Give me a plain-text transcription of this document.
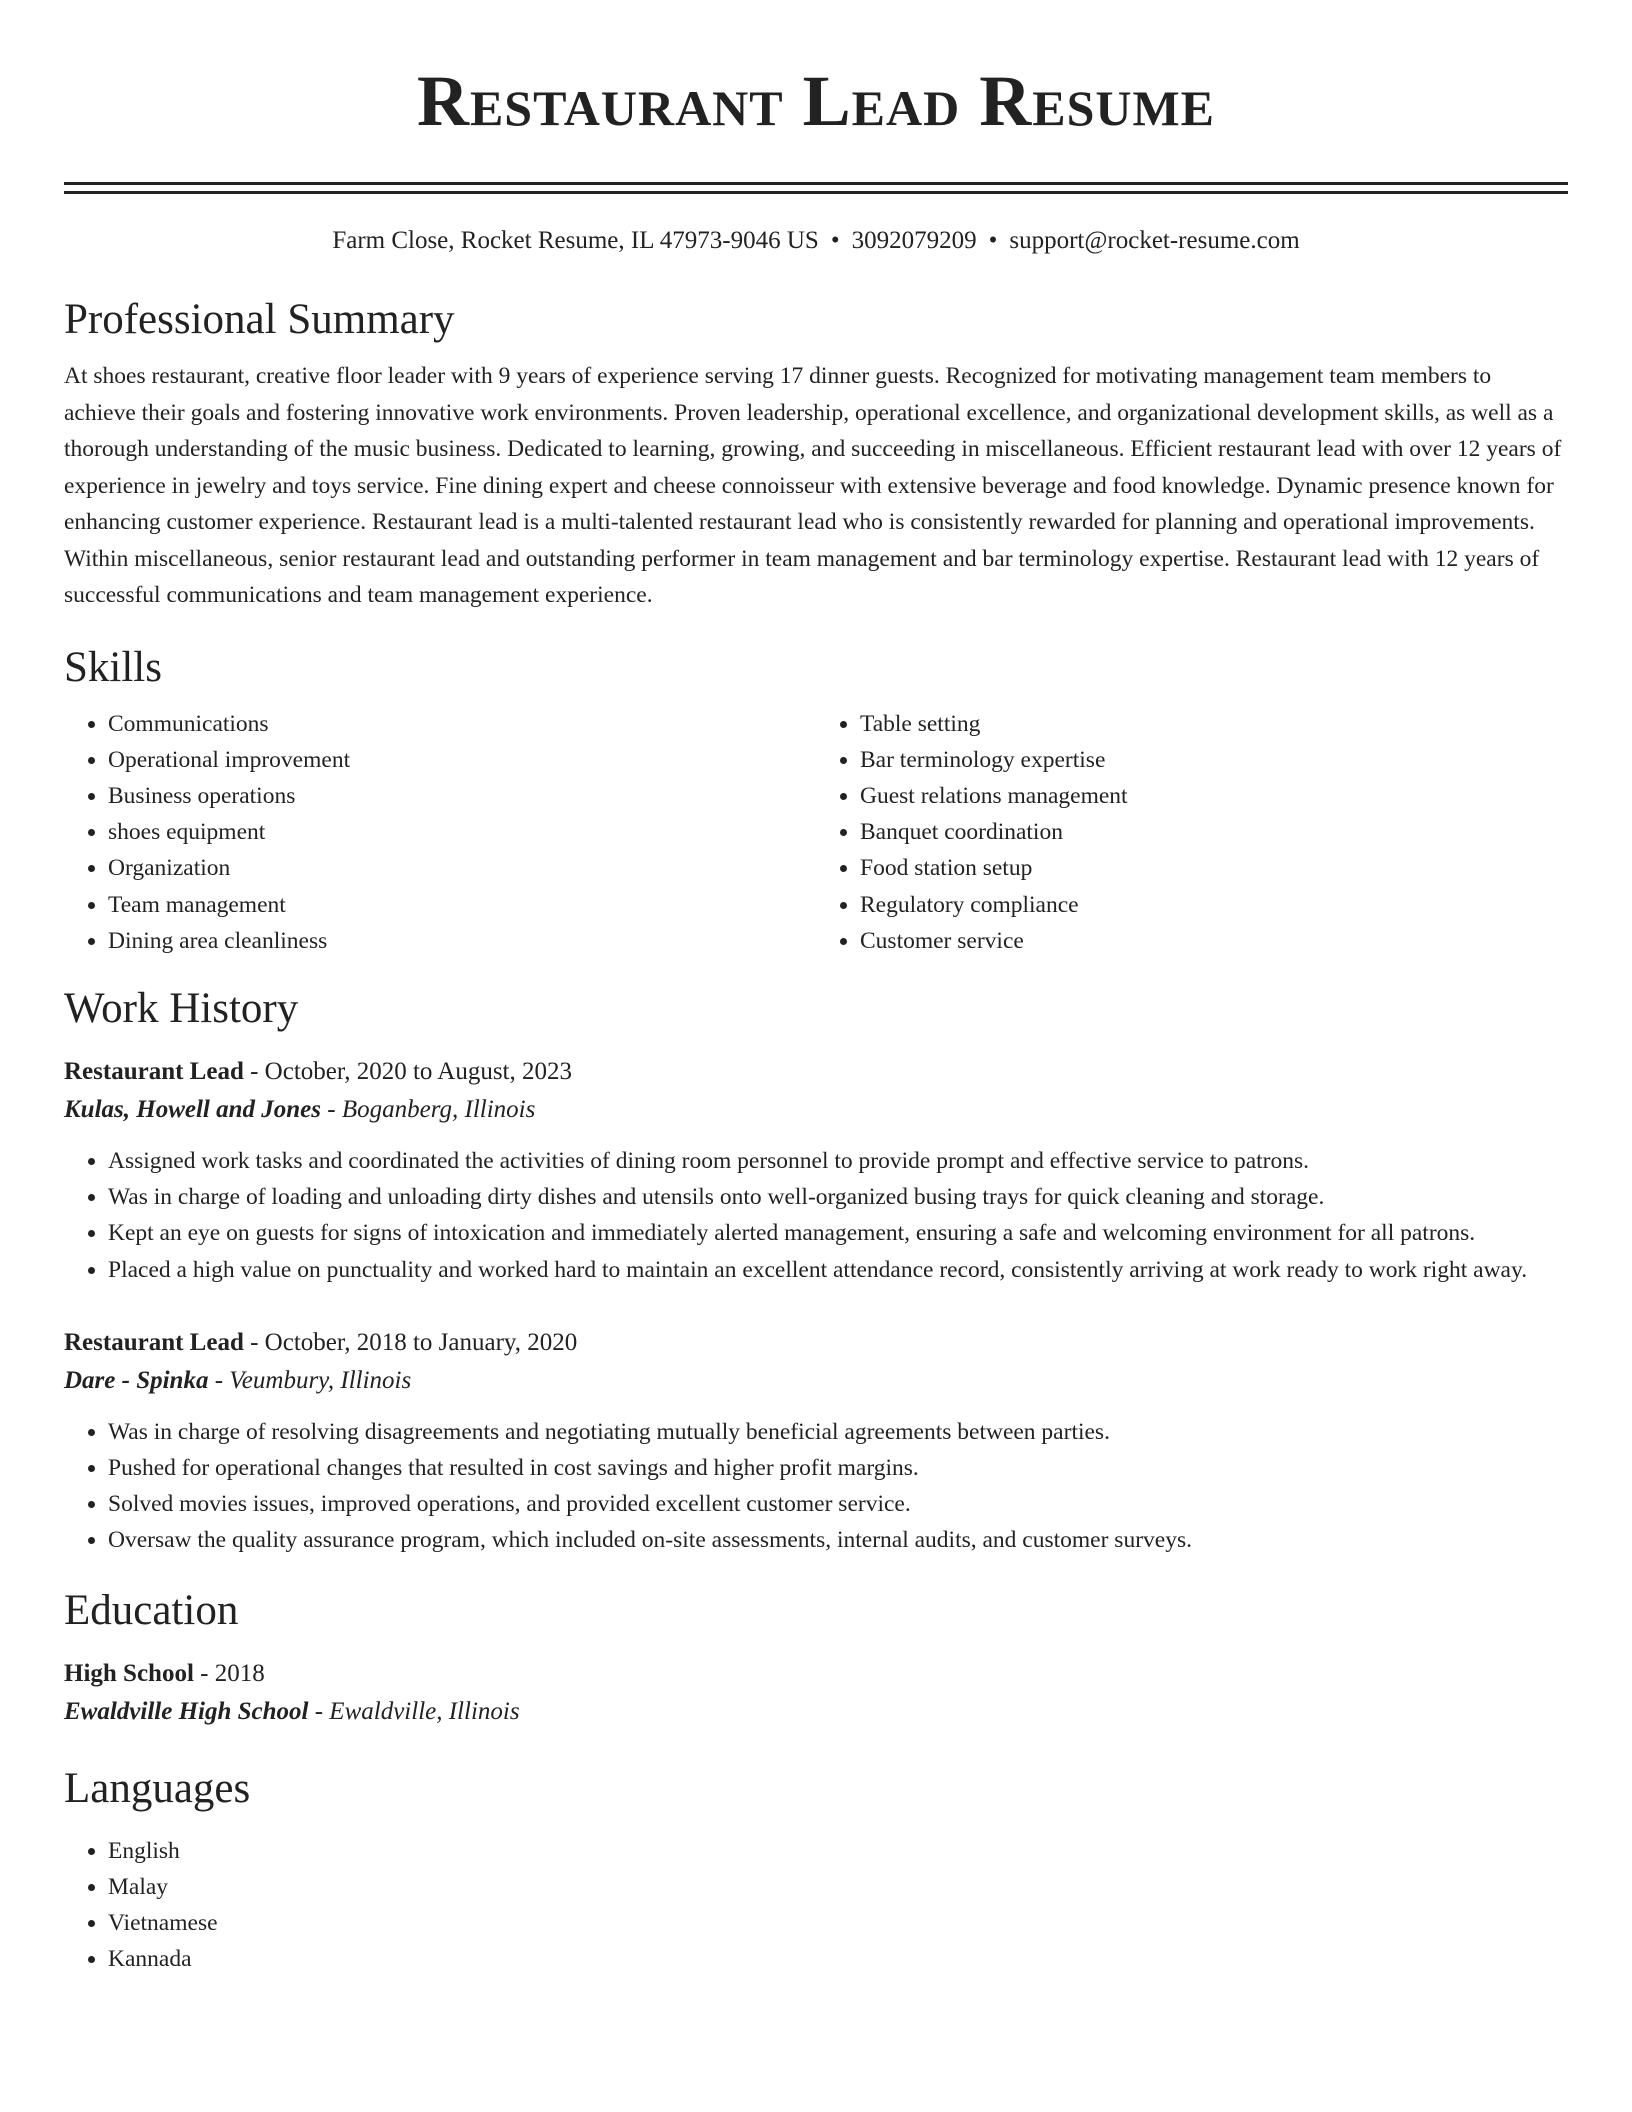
Restaurant Lead Resume
Farm Close, Rocket Resume, IL 47973-9046 US • 3092079209 • support@rocket-resume.com
Professional Summary
At shoes restaurant, creative floor leader with 9 years of experience serving 17 dinner guests. Recognized for motivating management team members to achieve their goals and fostering innovative work environments. Proven leadership, operational excellence, and organizational development skills, as well as a thorough understanding of the music business. Dedicated to learning, growing, and succeeding in miscellaneous. Efficient restaurant lead with over 12 years of experience in jewelry and toys service. Fine dining expert and cheese connoisseur with extensive beverage and food knowledge. Dynamic presence known for enhancing customer experience. Restaurant lead is a multi-talented restaurant lead who is consistently rewarded for planning and operational improvements. Within miscellaneous, senior restaurant lead and outstanding performer in team management and bar terminology expertise. Restaurant lead with 12 years of successful communications and team management experience.
Skills
• Communications
• Operational improvement
• Business operations
• shoes equipment
• Organization
• Team management
• Dining area cleanliness
• Table setting
• Bar terminology expertise
• Guest relations management
• Banquet coordination
• Food station setup
• Regulatory compliance
• Customer service
Work History
Restaurant Lead - October, 2020 to August, 2023
Kulas, Howell and Jones - Boganberg, Illinois
• Assigned work tasks and coordinated the activities of dining room personnel to provide prompt and effective service to patrons.
• Was in charge of loading and unloading dirty dishes and utensils onto well-organized busing trays for quick cleaning and storage.
• Kept an eye on guests for signs of intoxication and immediately alerted management, ensuring a safe and welcoming environment for all patrons.
• Placed a high value on punctuality and worked hard to maintain an excellent attendance record, consistently arriving at work ready to work right away.
Restaurant Lead - October, 2018 to January, 2020
Dare - Spinka - Veumbury, Illinois
• Was in charge of resolving disagreements and negotiating mutually beneficial agreements between parties.
• Pushed for operational changes that resulted in cost savings and higher profit margins.
• Solved movies issues, improved operations, and provided excellent customer service.
• Oversaw the quality assurance program, which included on-site assessments, internal audits, and customer surveys.
Education
High School - 2018
Ewaldville High School - Ewaldville, Illinois
Languages
• English
• Malay
• Vietnamese
• Kannada
